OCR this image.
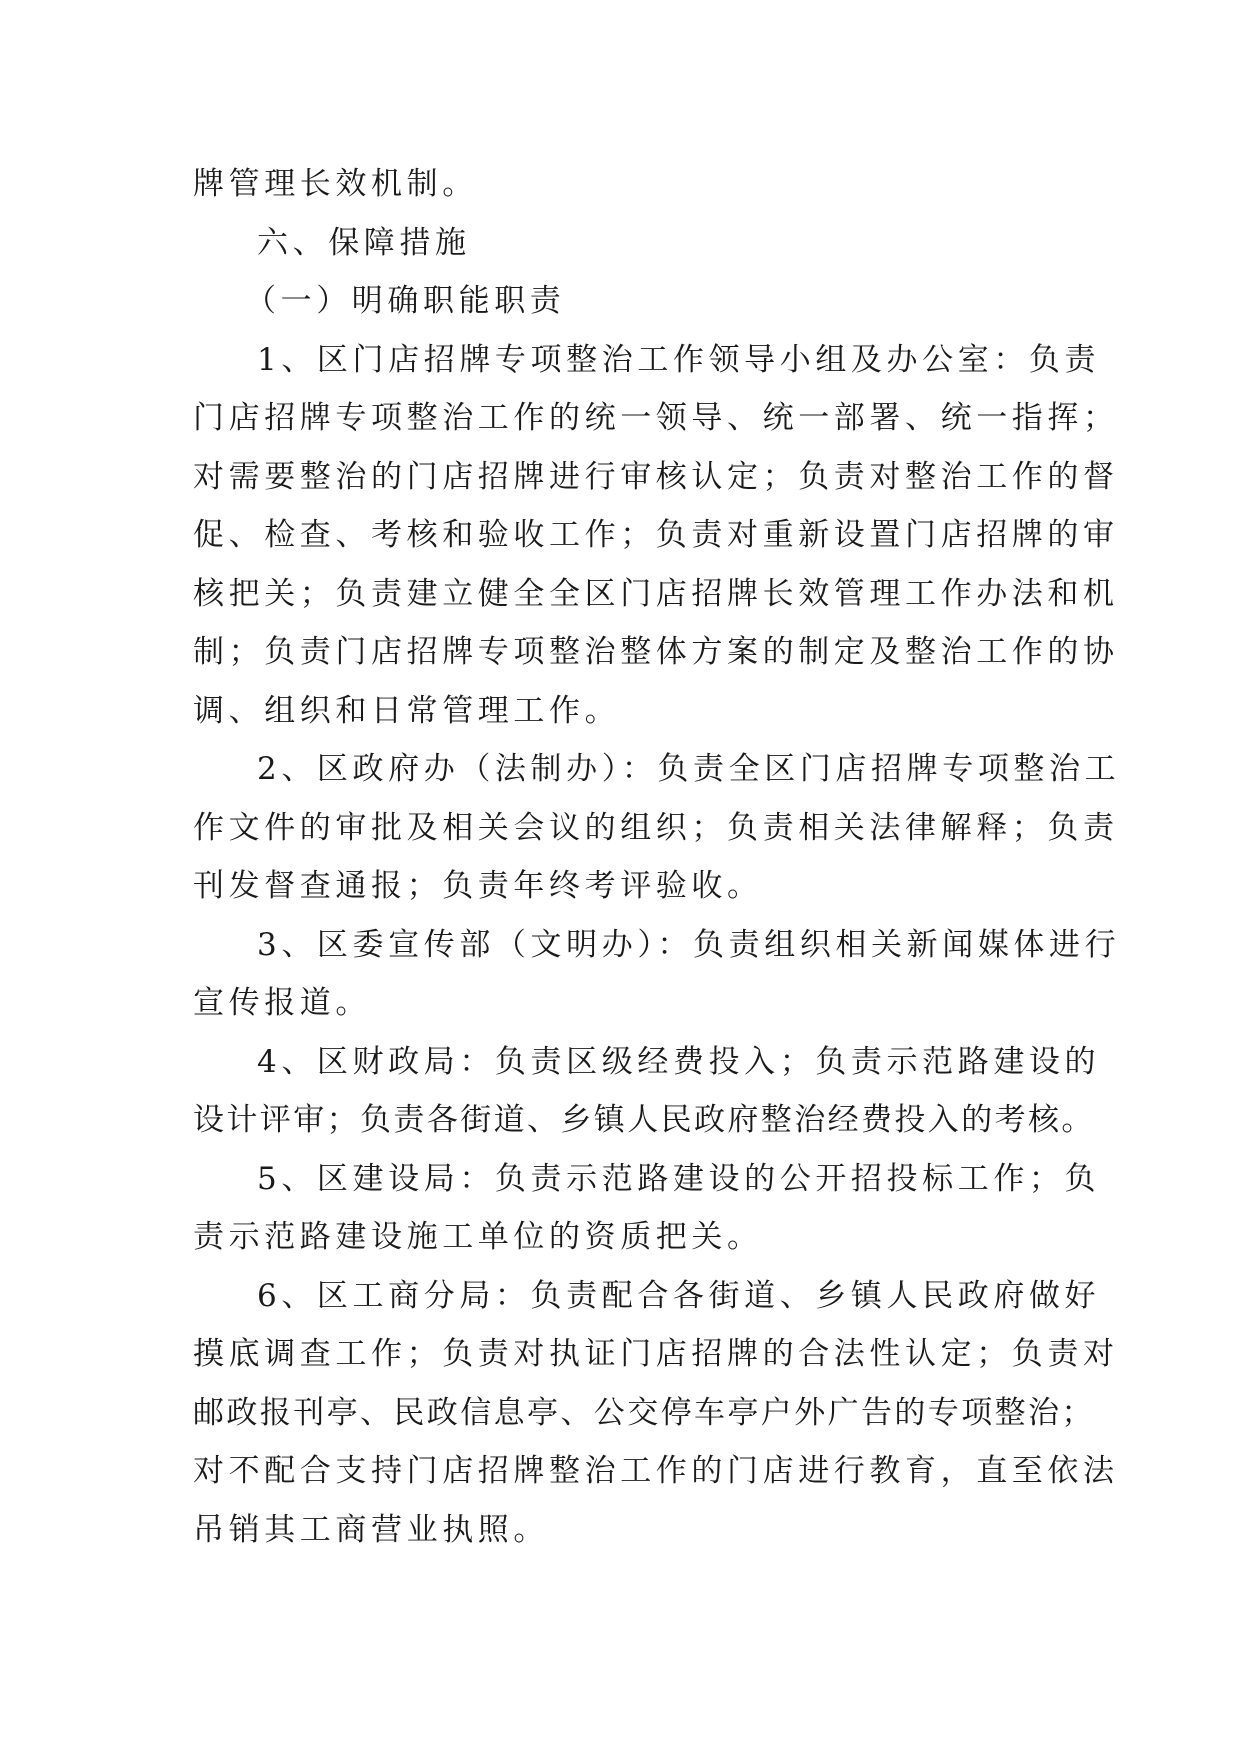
牌管理长效机制。
六、保障措施
（一）明确职能职责
1、区门店招牌专项整治工作领导小组及办公室：负责
门店招牌专项整治工作的统一领导、统一部署、统一指挥；
对需要整治的门店招牌进行审核认定；负责对整治工作的督
促、检查、考核和验收工作；负责对重新设置门店招牌的审
核把关；负责建立健全全区门店招牌长效管理工作办法和机
制；负责门店招牌专项整治整体方案的制定及整治工作的协
调、组织和日常管理工作。
2、区政府办（法制办）：负责全区门店招牌专项整治工
作文件的审批及相关会议的组织；负责相关法律解释；负责
刊发督查通报；负责年终考评验收。
3、区委宣传部（文明办）：负责组织相关新闻媒体进行
宣传报道。
4、区财政局：负责区级经费投入；负责示范路建设的
设计评审；负责各街道、乡镇人民政府整治经费投入的考核。
5、区建设局：负责示范路建设的公开招投标工作；负
责示范路建设施工单位的资质把关。
6、区工商分局：负责配合各街道、乡镇人民政府做好
摸底调查工作；负责对执证门店招牌的合法性认定；负责对
邮政报刊亭、民政信息亭、公交停车亭户外广告的专项整治；
对不配合支持门店招牌整治工作的门店进行教育，直至依法
吊销其工商营业执照。
